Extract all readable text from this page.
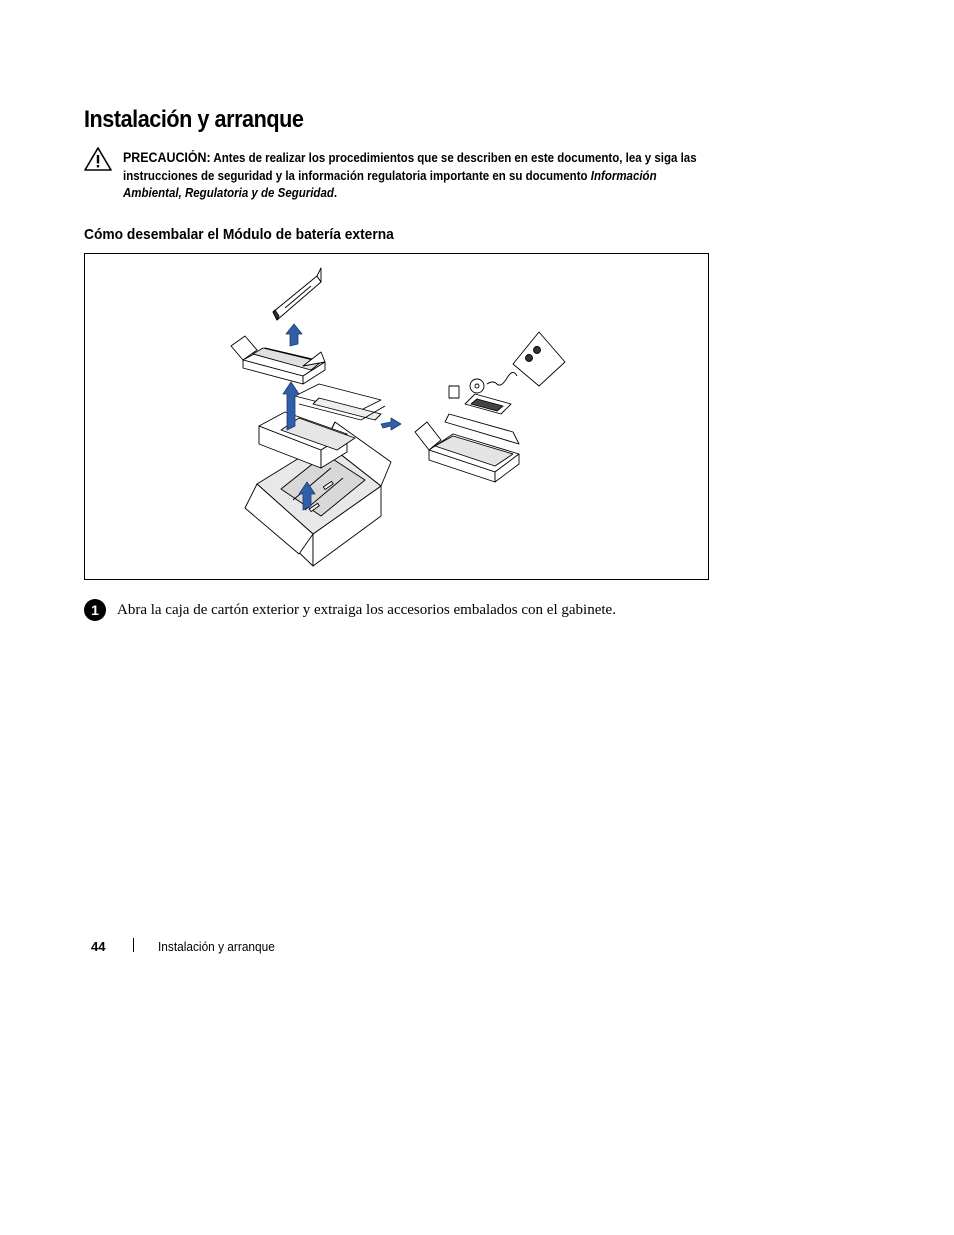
Instalación y arranque
PRECAUCIÓN: Antes de realizar los procedimientos que se describen en este documento, lea y siga las instrucciones de seguridad y la información regulatoria importante en su documento Información Ambiental, Regulatoria y de Seguridad.
Cómo desembalar el Módulo de batería externa
1	Abra la caja de cartón exterior y extraiga los accesorios embalados con el gabinete.
44	Instalación y arranque
